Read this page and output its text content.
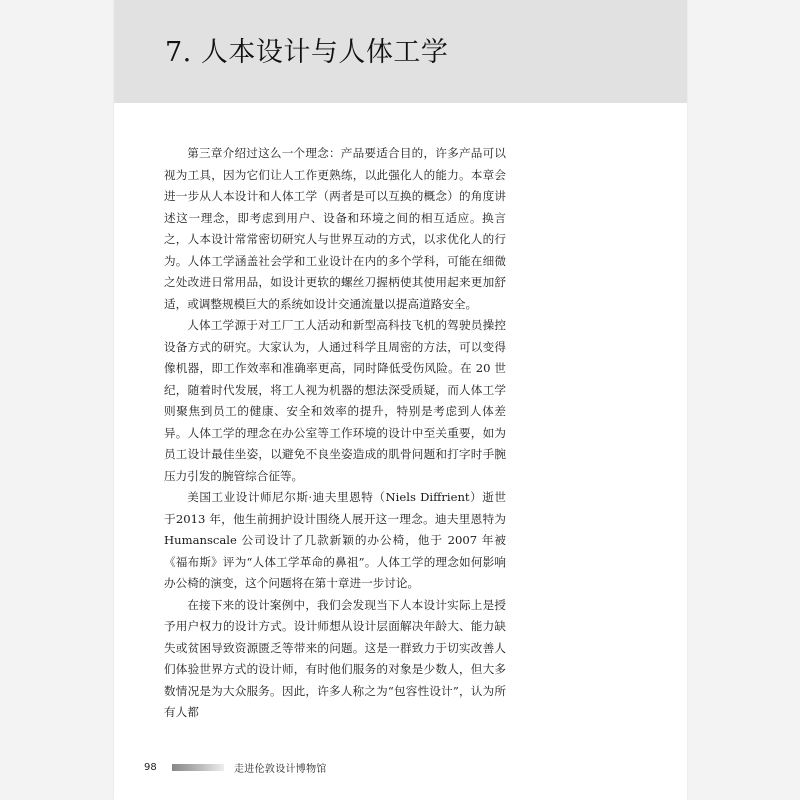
7. 人本设计与人体工学

第三章介绍过这么一个理念：产品要适合目的，许多产品可以视为工具，因为它们让人工作更熟练，以此强化人的能力。本章会进一步从人本设计和人体工学（两者是可以互换的概念）的角度讲述这一理念，即考虑到用户、设备和环境之间的相互适应。换言之，人本设计常常密切研究人与世界互动的方式，以求优化人的行为。人体工学涵盖社会学和工业设计在内的多个学科，可能在细微之处改进日常用品，如设计更软的螺丝刀握柄使其使用起来更加舒适，或调整规模巨大的系统如设计交通流量以提高道路安全。

人体工学源于对工厂工人活动和新型高科技飞机的驾驶员操控设备方式的研究。大家认为，人通过科学且周密的方法，可以变得像机器，即工作效率和准确率更高，同时降低受伤风险。在 20 世纪，随着时代发展，将工人视为机器的想法深受质疑，而人体工学则聚焦到员工的健康、安全和效率的提升，特别是考虑到人体差异。人体工学的理念在办公室等工作环境的设计中至关重要，如为员工设计最佳坐姿，以避免不良坐姿造成的肌骨问题和打字时手腕压力引发的腕管综合征等。

美国工业设计师尼尔斯·迪夫里恩特（Niels Diffrient）逝世于2013 年，他生前拥护设计围绕人展开这一理念。迪夫里恩特为 Humanscale 公司设计了几款新颖的办公椅，他于 2007 年被《福布斯》评为“人体工学革命的鼻祖”。人体工学的理念如何影响办公椅的演变，这个问题将在第十章进一步讨论。

在接下来的设计案例中，我们会发现当下人本设计实际上是授予用户权力的设计方式。设计师想从设计层面解决年龄大、能力缺失或贫困导致资源匮乏等带来的问题。这是一群致力于切实改善人们体验世界方式的设计师，有时他们服务的对象是少数人，但大多数情况是为大众服务。因此，许多人称之为“包容性设计”，认为所有人都

98	走进伦敦设计博物馆
